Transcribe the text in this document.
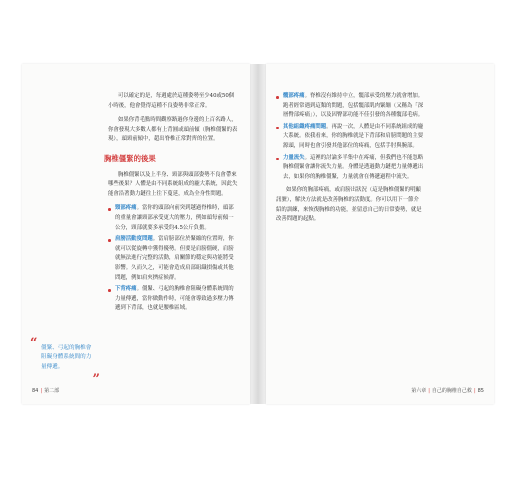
可以確定的是，每週處於這種姿勢至少40或50個小時後，他會覺得這種不良姿勢非常正常。

如果你背毛點時間觀察路過你身邊的上百名路人，你會發現大多數人都有上背圓或頭前傾（胸椎僵緊的表現），頭頸前傾中，超出脊椎正常對齊的位置。

胸椎僵緊的後果

胸椎僵緊以及上半身、頸部與頭部姿勢不良會帶來哪些後果？人體是由不同系統組成的龐大系統，因此失能會沿著動力鏈往上往下蔓延，成為全身性問題。

頸部疼痛。當你的頭部向前突到越過脊椎時，頭部的重量會讓頸部承受更大的壓力，例如頭每前傾一公分，頸部就要多承受約4.5公斤負擔。
肩膀活動度問題。當肩膀部位於緊縮的位置時，你就可以從旋轉中獲得優勢。但要是肩膀僵硬，肩膀就無法進行完整的活動，肩關節的穩定與功能將受影響。久而久之，可能會造成肩部組織損傷或其他問題，例如肩夾擠症候群。
下背疼痛。僵緊、弓起的胸椎會阻礙身體系統間的力量傳遞，當你做動作時，可能會導致過多壓力傳遞到下背部，也就是腰椎區域。
“ 僵緊、弓起的胸椎會阻礙身體系統間的力量傳遞。
”
84 | 第二部
髖部疼痛。脊椎沒有維持中立，髖部承受的壓力就會增加。跑者經常遇到這類的問題，包括髖部肌肉緊繃（又稱為「深層臀部疼痛」），以及因臀部功能不佳引發的各種髖部毛病。
其他組織疼痛問題。再說一次，人體是由不同系統組成的龐大系統。依我看來，你的胸椎就是下背部和肩膀問題的主要源頭，同時也會引發其他部位的疼痛，包括手肘與腕部。
力量流失。這裡的討論多半集中在疼痛，但我們也不能忽略胸椎僵緊會讓你流失力量。身體是透過動力鏈把力量傳遞出去，如果你的胸椎僵緊，力量就會在傳遞過程中流失。

如果你的胸部疼痛，或肩膀出狀況（這是胸椎僵緊的明顯訊號），解決方法就是改善胸椎的活動度。你可以用下一節介紹的訓練，來恢復胸椎的功能，並留意自己的日常姿勢，就是改善問題的起點。

第六章 | 自己的胸椎自己救 | 85
